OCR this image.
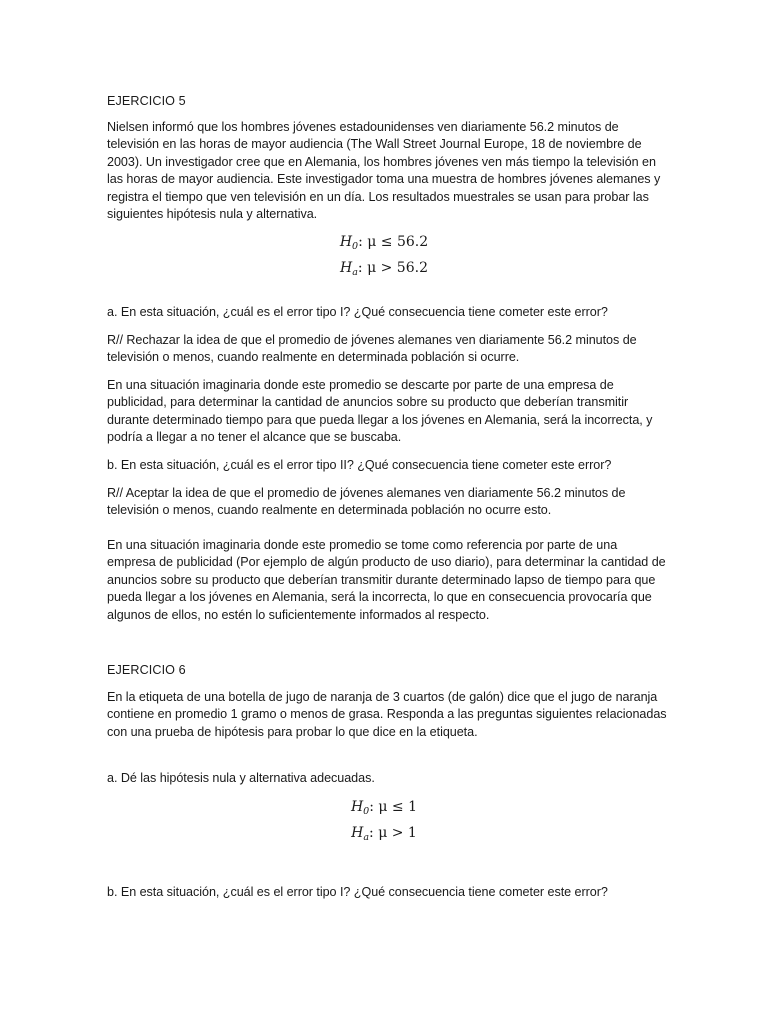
EJERCICIO 5

Nielsen informó que los hombres jóvenes estadounidenses ven diariamente 56.2 minutos de televisión en las horas de mayor audiencia (The Wall Street Journal Europe, 18 de noviembre de 2003). Un investigador cree que en Alemania, los hombres jóvenes ven más tiempo la televisión en las horas de mayor audiencia. Este investigador toma una muestra de hombres jóvenes alemanes y registra el tiempo que ven televisión en un día. Los resultados muestrales se usan para probar las siguientes hipótesis nula y alternativa.

$H_0$: μ ≤ 56.2

$H_a$: μ > 56.2

a. En esta situación, ¿cuál es el error tipo I? ¿Qué consecuencia tiene cometer este error?

R// Rechazar la idea de que el promedio de jóvenes alemanes ven diariamente 56.2 minutos de televisión o menos, cuando realmente en determinada población si ocurre.

En una situación imaginaria donde este promedio se descarte por parte de una empresa de publicidad, para determinar la cantidad de anuncios sobre su producto que deberían transmitir durante determinado tiempo para que pueda llegar a los jóvenes en Alemania, será la incorrecta, y podría a llegar a no tener el alcance que se buscaba.

b. En esta situación, ¿cuál es el error tipo II? ¿Qué consecuencia tiene cometer este error?

R// Aceptar la idea de que el promedio de jóvenes alemanes ven diariamente 56.2 minutos de televisión o menos, cuando realmente en determinada población no ocurre esto.

En una situación imaginaria donde este promedio se tome como referencia por parte de una empresa de publicidad (Por ejemplo de algún producto de uso diario), para determinar la cantidad de anuncios sobre su producto que deberían transmitir durante determinado lapso de tiempo para que pueda llegar a los jóvenes en Alemania, será la incorrecta, lo que en consecuencia provocaría que algunos de ellos, no estén lo suficientemente informados al respecto.

EJERCICIO 6

En la etiqueta de una botella de jugo de naranja de 3 cuartos (de galón) dice que el jugo de naranja contiene en promedio 1 gramo o menos de grasa. Responda a las preguntas siguientes relacionadas con una prueba de hipótesis para probar lo que dice en la etiqueta.

a. Dé las hipótesis nula y alternativa adecuadas.

$H_0$: μ ≤ 1

$H_a$: μ > 1

b. En esta situación, ¿cuál es el error tipo I? ¿Qué consecuencia tiene cometer este error?
